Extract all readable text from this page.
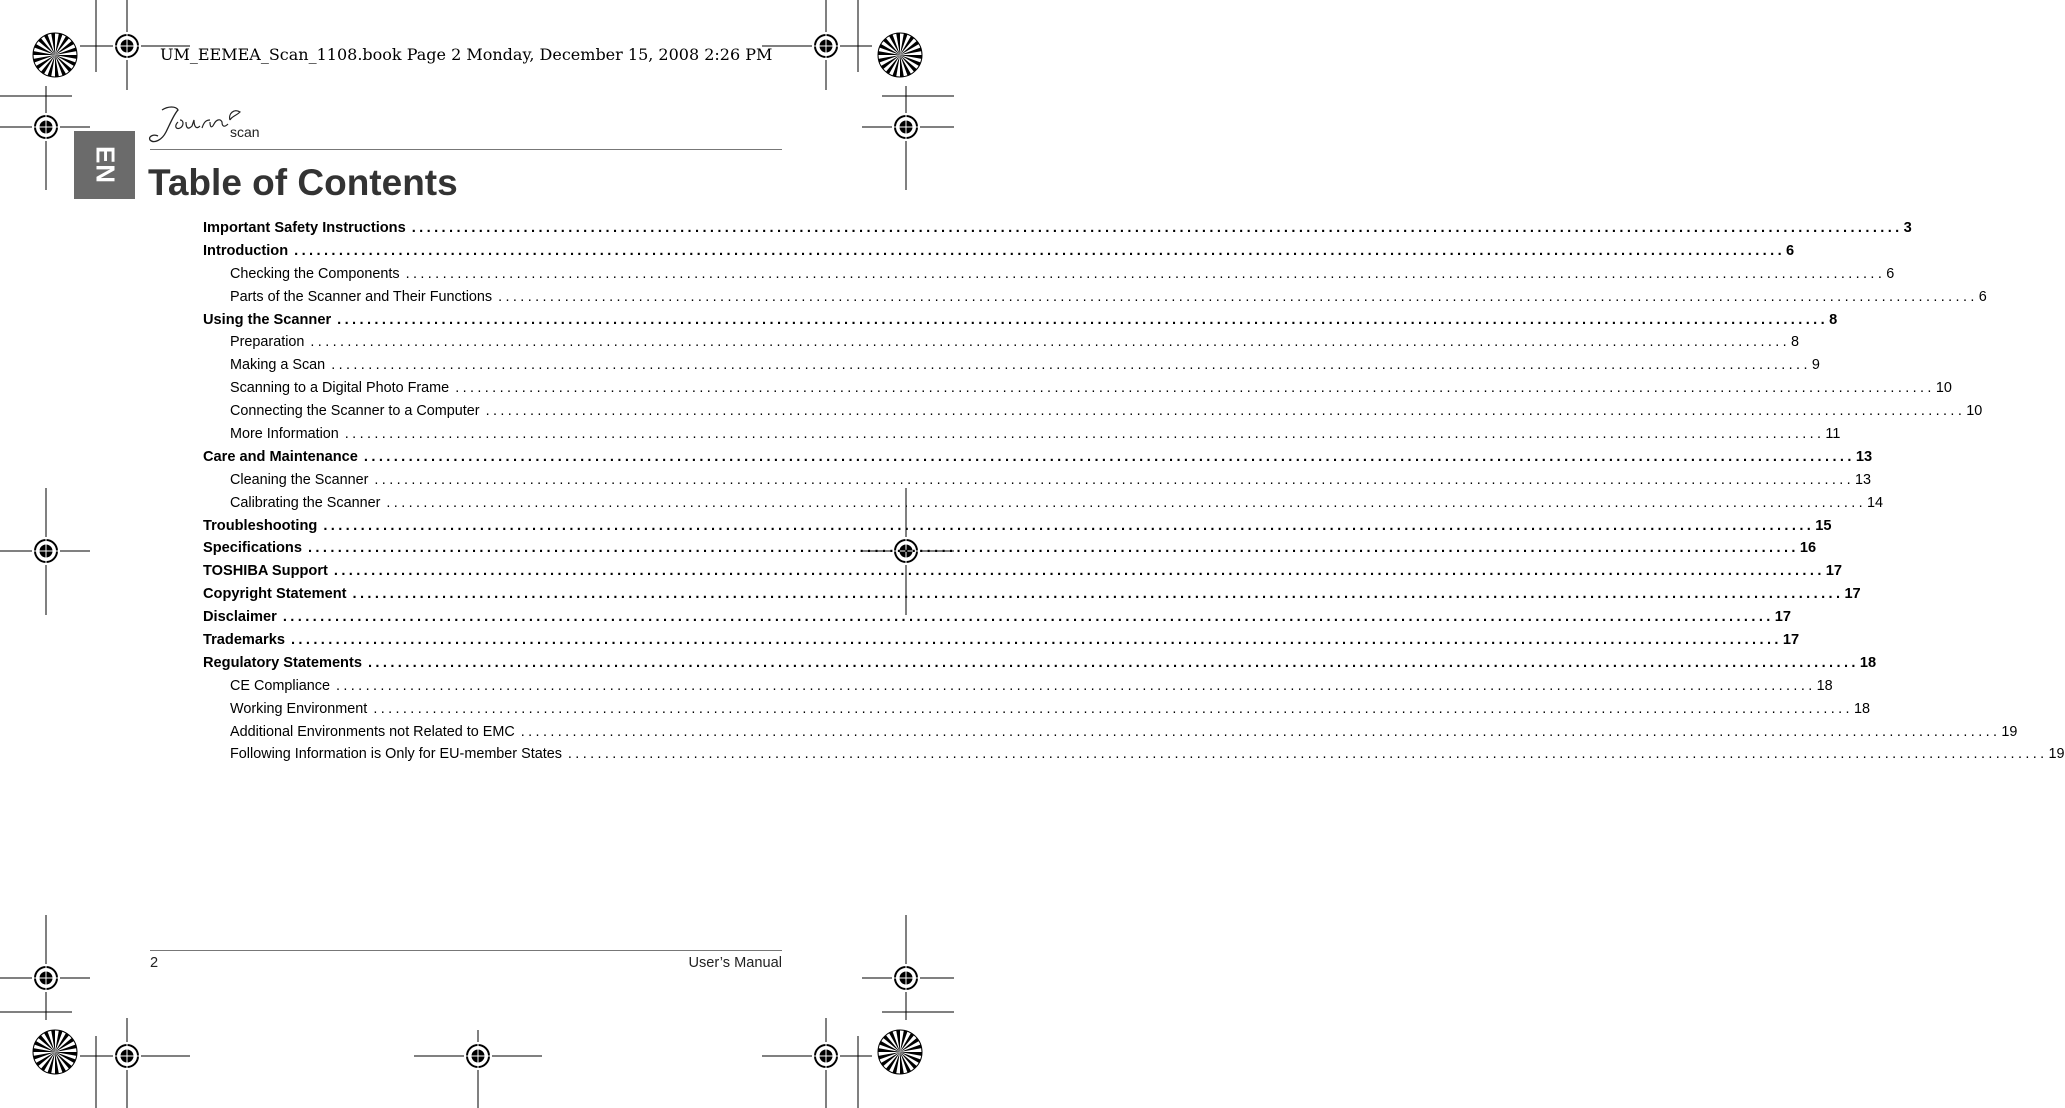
UM_EEMEA_Scan_1108.book Page 2 Monday, December 15, 2008 2:26 PM
EN
scan
Table of Contents
Important Safety Instructions ........................................................................................................................................................................................................ 3
Introduction ........................................................................................................................................................................................................ 6
Checking the Components ........................................................................................................................................................................................................ 6
Parts of the Scanner and Their Functions ........................................................................................................................................................................................................ 6
Using the Scanner ........................................................................................................................................................................................................ 8
Preparation ........................................................................................................................................................................................................ 8
Making a Scan ........................................................................................................................................................................................................ 9
Scanning to a Digital Photo Frame ........................................................................................................................................................................................................ 10
Connecting the Scanner to a Computer ........................................................................................................................................................................................................ 10
More Information ........................................................................................................................................................................................................ 11
Care and Maintenance ........................................................................................................................................................................................................ 13
Cleaning the Scanner ........................................................................................................................................................................................................ 13
Calibrating the Scanner ........................................................................................................................................................................................................ 14
Troubleshooting ........................................................................................................................................................................................................ 15
Specifications ........................................................................................................................................................................................................ 16
TOSHIBA Support ........................................................................................................................................................................................................ 17
Copyright Statement ........................................................................................................................................................................................................ 17
Disclaimer ........................................................................................................................................................................................................ 17
Trademarks ........................................................................................................................................................................................................ 17
Regulatory Statements ........................................................................................................................................................................................................ 18
CE Compliance ........................................................................................................................................................................................................ 18
Working Environment ........................................................................................................................................................................................................ 18
Additional Environments not Related to EMC ........................................................................................................................................................................................................ 19
Following Information is Only for EU-member States ........................................................................................................................................................................................................ 19
2	User’s Manual
